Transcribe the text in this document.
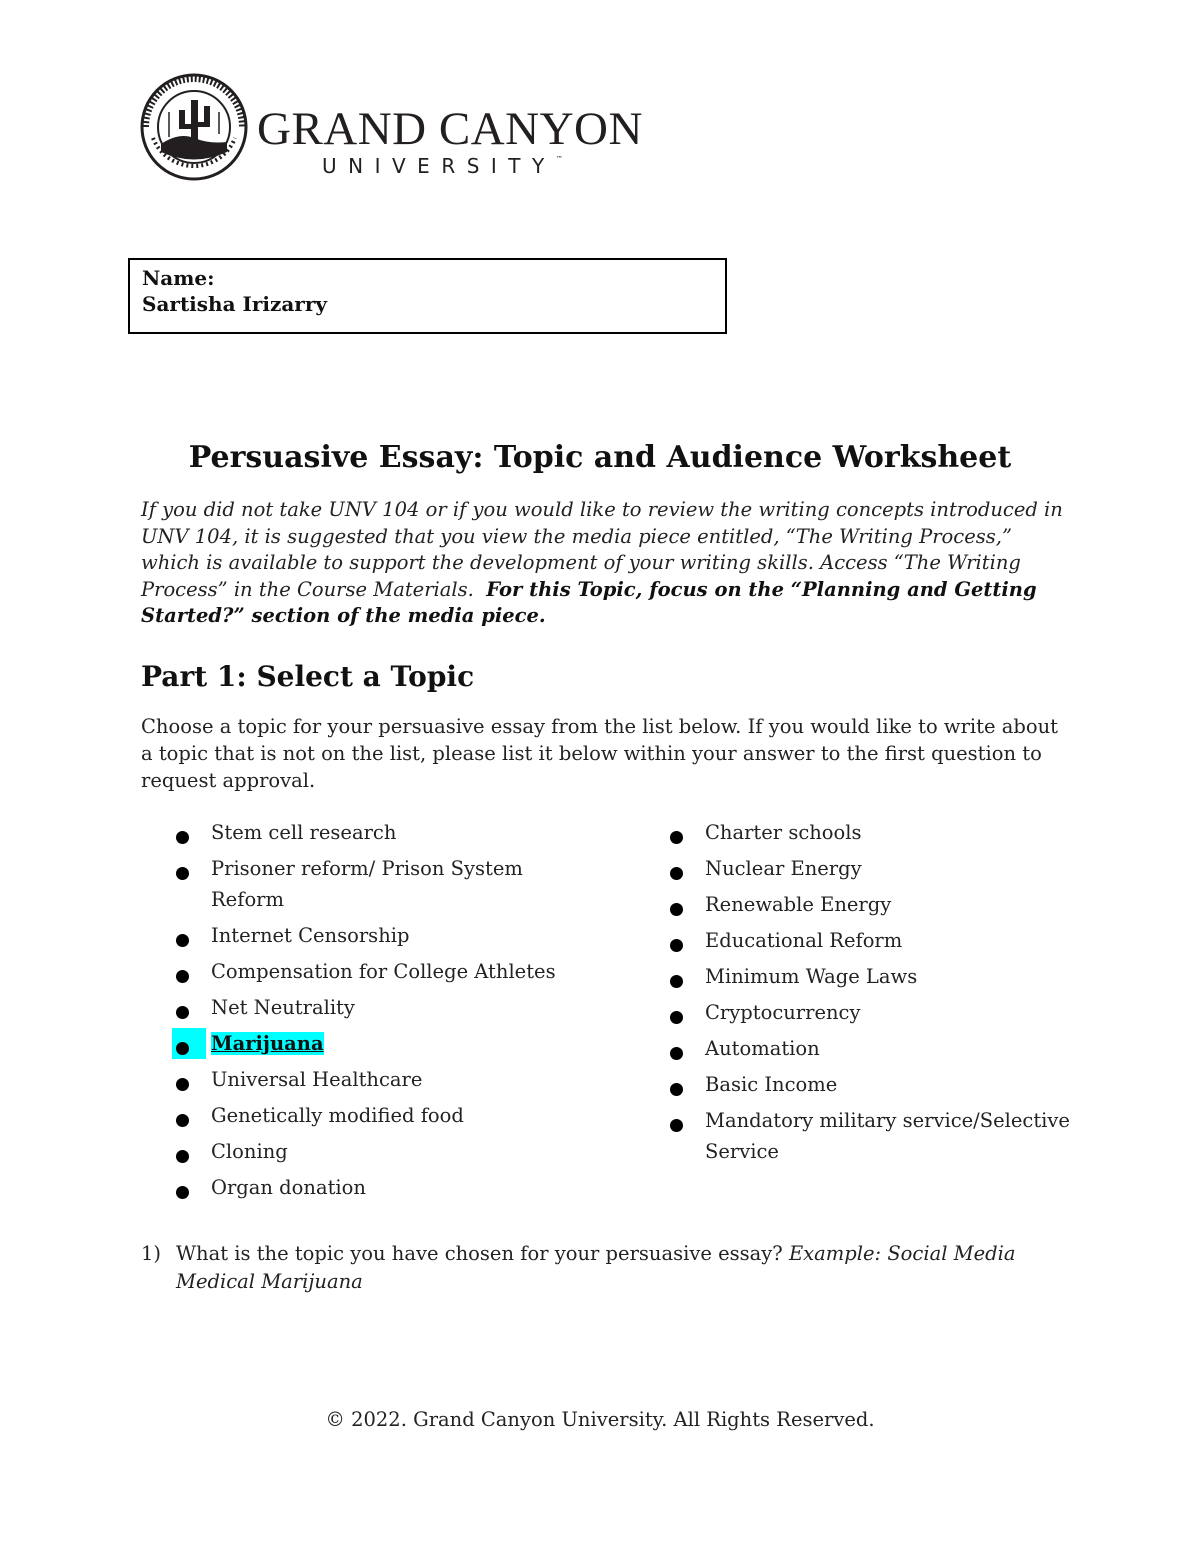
GRAND CANYON
UNIVERSITY™
Name:
Sartisha Irizarry
Persuasive Essay: Topic and Audience Worksheet
If you did not take UNV 104 or if you would like to review the writing concepts introduced in UNV 104, it is suggested that you view the media piece entitled, “The Writing Process,” which is available to support the development of your writing skills. Access “The Writing Process” in the Course Materials. For this Topic, focus on the “Planning and Getting Started?” section of the media piece.
Part 1: Select a Topic
Choose a topic for your persuasive essay from the list below. If you would like to write about a topic that is not on the list, please list it below within your answer to the first question to request approval.
Stem cell research
Prisoner reform/ Prison System Reform
Internet Censorship
Compensation for College Athletes
Net Neutrality
Marijuana
Universal Healthcare
Genetically modified food
Cloning
Organ donation
Charter schools
Nuclear Energy
Renewable Energy
Educational Reform
Minimum Wage Laws
Cryptocurrency
Automation
Basic Income
Mandatory military service/Selective Service
1) What is the topic you have chosen for your persuasive essay? Example: Social Media
Medical Marijuana
© 2022. Grand Canyon University. All Rights Reserved.
